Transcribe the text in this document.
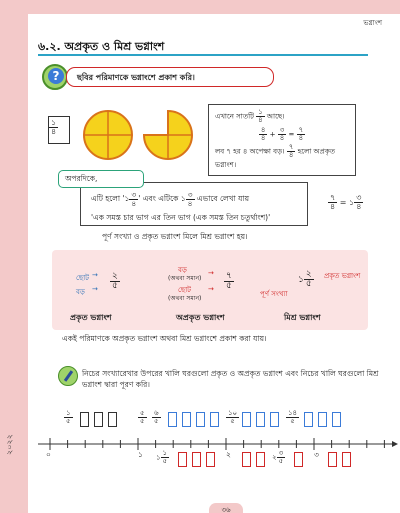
ভগ্নাংশ
৬.২. অপ্রকৃত ও মিশ্র ভগ্নাংশ
?	ছবির পরিমাণকে ভগ্নাংশে প্রকাশ করি।
$\frac{১}{৪}$
এখানে সাতটি $\frac{১}{৪}$ আছে।
$\frac{৪}{৪} + \frac{৩}{৪} = \frac{৭}{৪}$
লব ৭ হর ৪ অপেক্ষা বড়। $\frac{৭}{৪}$ হলো অপ্রকৃত ভগ্নাংশ।
এটি হলো '১ $\frac{৩}{৪}$ ' এবং এটিকে ১ $\frac{৩}{৪}$ এভাবে লেখা যায়
'এক সমস্ত চার ভাগ এর তিন ভাগ (এক সমস্ত তিন চতুর্থাংশ)'
অপরদিকে,
$\frac{৭}{৪}$ = ১ $\frac{৩}{৪}$
পূর্ণ সংখ্যা ও প্রকৃত ভগ্নাংশ মিলে মিশ্র ভগ্নাংশ হয়।
ছোট
বড়
→
→ $\frac{২}{৫}$
প্রকৃত ভগ্নাংশ
বড়
(অথবা সমান)
ছোট
(অথবা সমান)
→
→ $\frac{৭}{৫}$
অপ্রকৃত ভগ্নাংশ
পূর্ণ সংখ্যা
প্রকৃত ভগ্নাংশ
১ $\frac{২}{৫}$
মিশ্র ভগ্নাংশ
একই পরিমাণকে অপ্রকৃত ভগ্নাংশ অথবা মিশ্র ভগ্নাংশে প্রকাশ করা যায়।
নিচের সংখ্যারেখার উপরের খালি ঘরগুলো প্রকৃত ও অপ্রকৃত ভগ্নাংশ এবং নিচের খালি ঘরগুলো মিশ্র ভগ্নাংশ দ্বারা পূরণ করি।
$\frac{১}{৫}$	$\frac{৫}{৫} \frac{৬}{৫}$	$\frac{১০}{৫}$	$\frac{১৪}{৫}$
০	১	২	৩
১ $\frac{১}{৫}$	২ $\frac{৩}{৫}$
৩৬
২০২২
